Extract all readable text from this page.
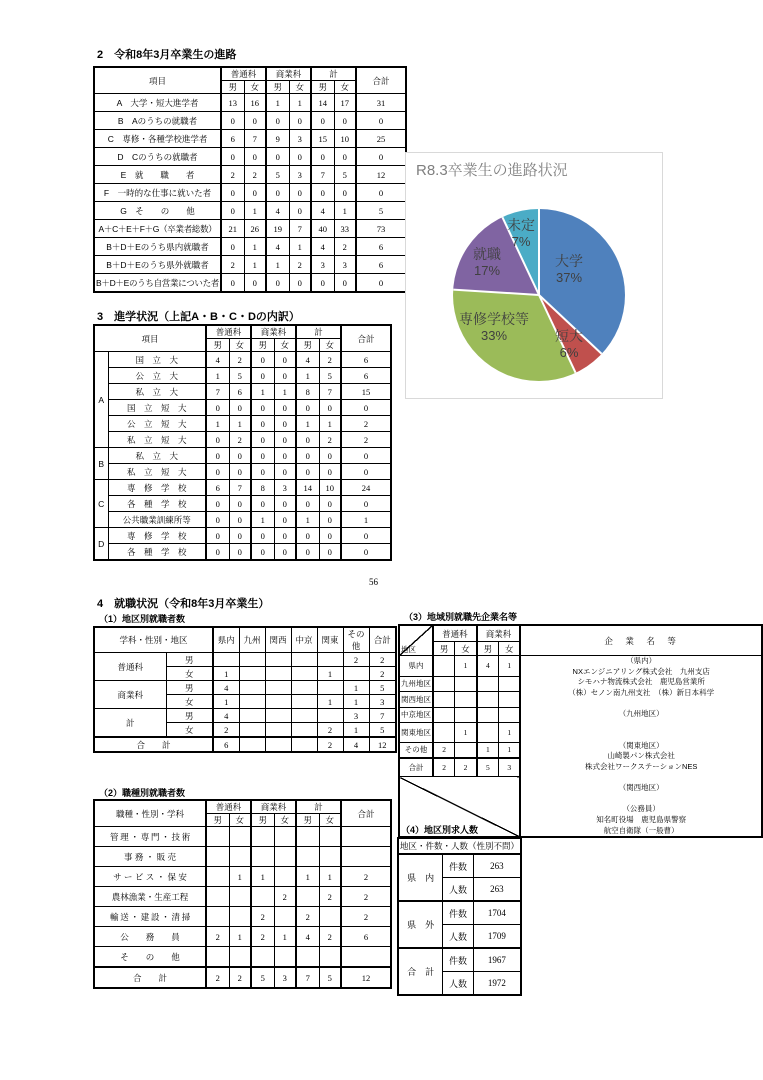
2　令和8年3月卒業生の進路
項目	普通科		商業科		計		合計
	男	女	男	女	男	女	
A　大学・短大進学者	13	16	1	1	14	17	31
B　Aのうちの就職者	0	0	0	0	0	0	0
C　専修・各種学校進学者	6	7	9	3	15	10	25
D　Cのうちの就職者	0	0	0	0	0	0	0
E　就　　職　　者	2	2	5	3	7	5	12
F　一時的な仕事に就いた者	0	0	0	0	0	0	0
G　そ　　の　　他	0	1	4	0	4	1	5
A＋C＋E＋F＋G（卒業者総数）	21	26	19	7	40	33	73
B＋D＋Eのうち県内就職者	0	1	4	1	4	2	6
B＋D＋Eのうち県外就職者	2	1	1	2	3	3	6
B＋D＋Eのうち自営業についた者	0	0	0	0	0	0	0
R8.3卒業生の進路状況
大学
37%
短大
6%
専修学校等
33%
就職
17%
未定
7%
3　進学状況（上記A・B・C・Dの内訳）
項目		普通科		商業科		計		合計
		男	女	男	女	男	女	
A	国　立　大	4	2	0	0	4	2	6
	公　立　大	1	5	0	0	1	5	6
	私　立　大	7	6	1	1	8	7	15
	国　立　短　大	0	0	0	0	0	0	0
	公　立　短　大	1	1	0	0	1	1	2
	私　立　短　大	0	2	0	0	0	2	2
B	私　立　大	0	0	0	0	0	0	0
	私　立　短　大	0	0	0	0	0	0	0
C	専　修　学　校	6	7	8	3	14	10	24
	各　種　学　校	0	0	0	0	0	0	0
	公共職業訓練所等	0	0	1	0	1	0	1
D	専　修　学　校	0	0	0	0	0	0	0
	各　種　学　校	0	0	0	0	0	0	0
56
4　就職状況（令和8年3月卒業生）
（1）地区別就職者数
学科・性別・地区		県内	九州	関西	中京	関東	その他	合計
普通科	男						2	2
	女	1				1		2
商業科	男	4					1	5
	女	1				1	1	3
計	男	4					3	7
	女	2				2	1	5
合　　計		6				2	4	12
（2）職種別就職者数
職種・性別・学科	普通科		商業科		計		合計
	男	女	男	女	男	女	
管 理 ・ 専 門 ・ 技 術							
事 務 ・ 販 売							
サ ー ビ ス ・ 保 安		1	1		1	1	2
農林漁業・生産工程				2		2	2
輸 送 ・ 建 設 ・ 清 掃			2		2		2
公　　務　　員	2	1	2	1	4	2	6
そ　　の　　他							
合　　計	2	2	5	3	7	5	12
（3）地域別就職先企業名等
地区	普通科		商業科		企　業　名　等
	男	女	男	女	
県内		1	4	1	
（県内）
NXエンジニアリング株式会社　九州支店
シモハナ物流株式会社　鹿児島営業所
（株）セノン南九州支社　（株）新日本科学

（九州地区）

（関東地区）
山崎製パン株式会社
株式会社ワークステーションNES

（関西地区）

（公務員）
知名町役場　鹿児島県警察
航空自衛隊（一般曹）

九州地区					
関西地区					
中京地区					
関東地区		1		1	
その他	2		1	1	
合計	2	2	5	3	

（4）地区別求人数
地区・件数・人数（性別不問）		
県　内	件数	263
	人数	263
県　外	件数	1704
	人数	1709
合　計	件数	1967
	人数	1972
